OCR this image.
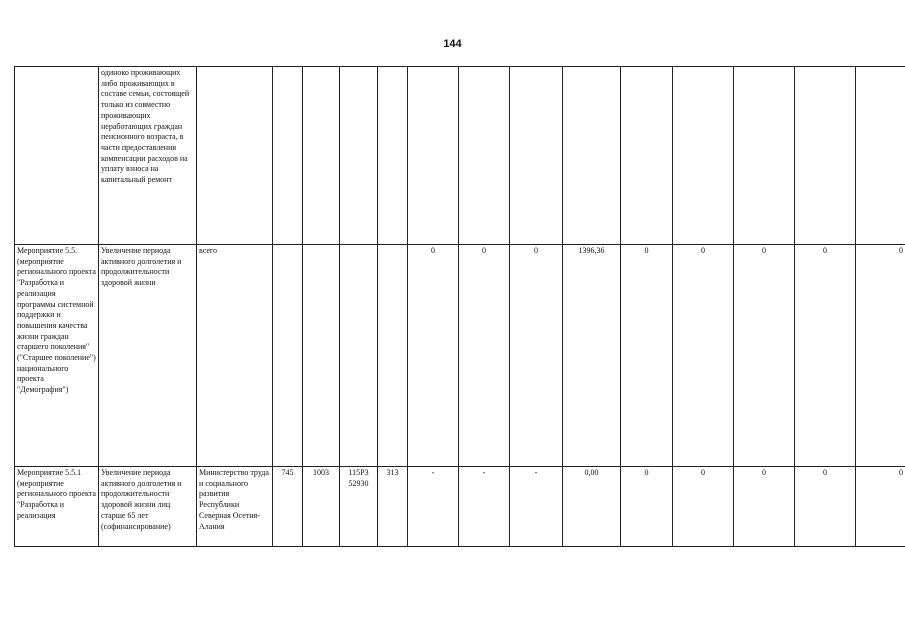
144
	одиноко проживающих либо проживающих в составе семьи, состоящей только из совместно проживающих неработающих граждан пенсионного возраста, в части предоставления компенсации расходов на уплату взноса на капитальный ремонт														
Мероприятие 5.5. (мероприятие регионального проекта "Разработка и реализация программы системной поддержки и повышения качества жизни граждан старшего поколения" ("Старшее поколение") национального проекта "Демография")	Увеличение периода активного долголетия и продолжительности здоровой жизни	всего					0	0	0	1396,36	0	0	0	0	0
Мероприятие 5.5.1 (мероприятие регионального проекта "Разработка и реализация	Увеличение периода активного долголетия и продолжительности здоровой жизни лиц старше 65 лет (софинансирование)	Министерство труда и социального развития Республики Северная Осетия-Алания	745	1003	115Р3 52930	313	-	-	-	0,00	0	0	0	0	0
